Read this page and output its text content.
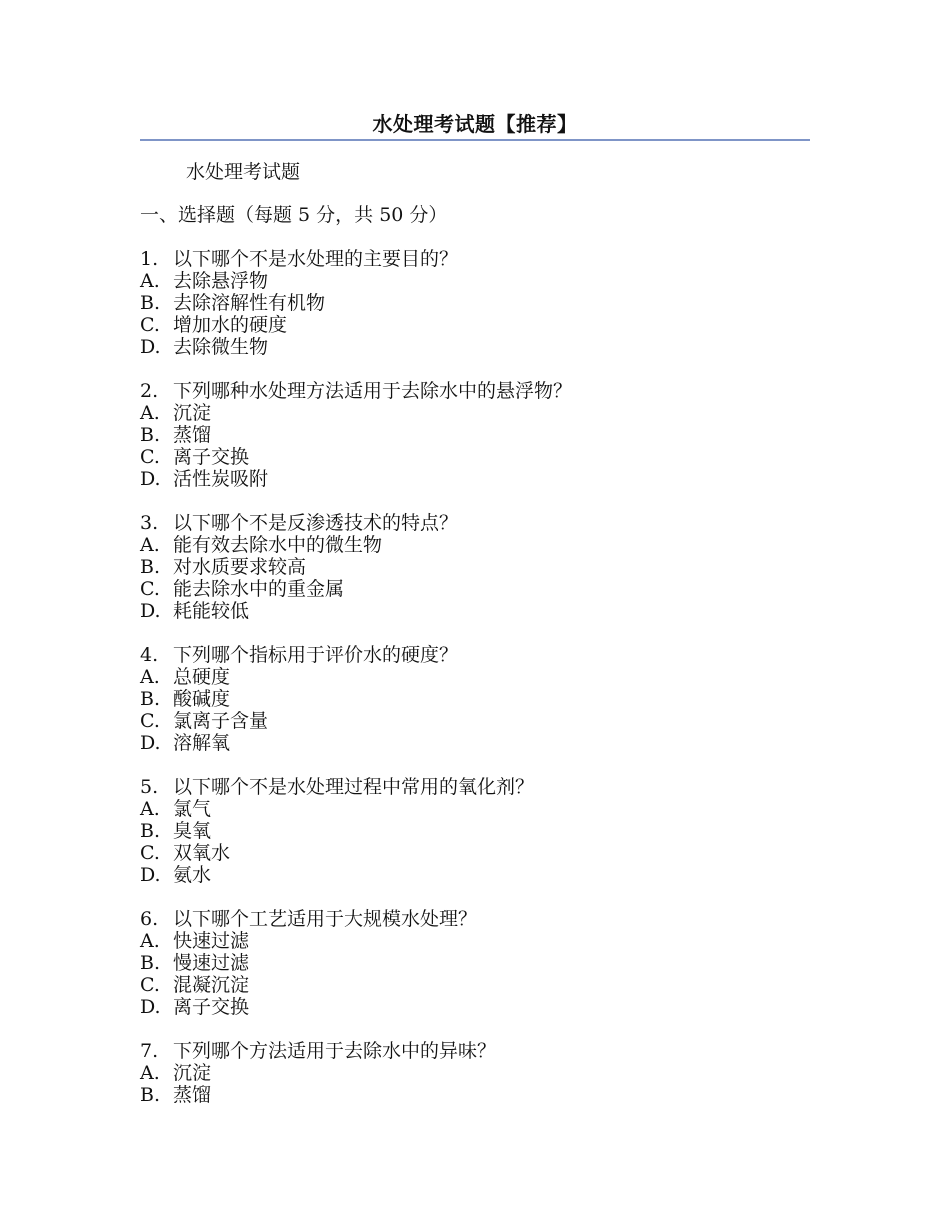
水处理考试题【推荐】
水处理考试题
一、选择题（每题 5 分，共 50 分）
1. 以下哪个不是水处理的主要目的？
A. 去除悬浮物
B. 去除溶解性有机物
C. 增加水的硬度
D. 去除微生物
2. 下列哪种水处理方法适用于去除水中的悬浮物？
A. 沉淀
B. 蒸馏
C. 离子交换
D. 活性炭吸附
3. 以下哪个不是反渗透技术的特点？
A. 能有效去除水中的微生物
B. 对水质要求较高
C. 能去除水中的重金属
D. 耗能较低
4. 下列哪个指标用于评价水的硬度？
A. 总硬度
B. 酸碱度
C. 氯离子含量
D. 溶解氧
5. 以下哪个不是水处理过程中常用的氧化剂？
A. 氯气
B. 臭氧
C. 双氧水
D. 氨水
6. 以下哪个工艺适用于大规模水处理？
A. 快速过滤
B. 慢速过滤
C. 混凝沉淀
D. 离子交换
7. 下列哪个方法适用于去除水中的异味？
A. 沉淀
B. 蒸馏
